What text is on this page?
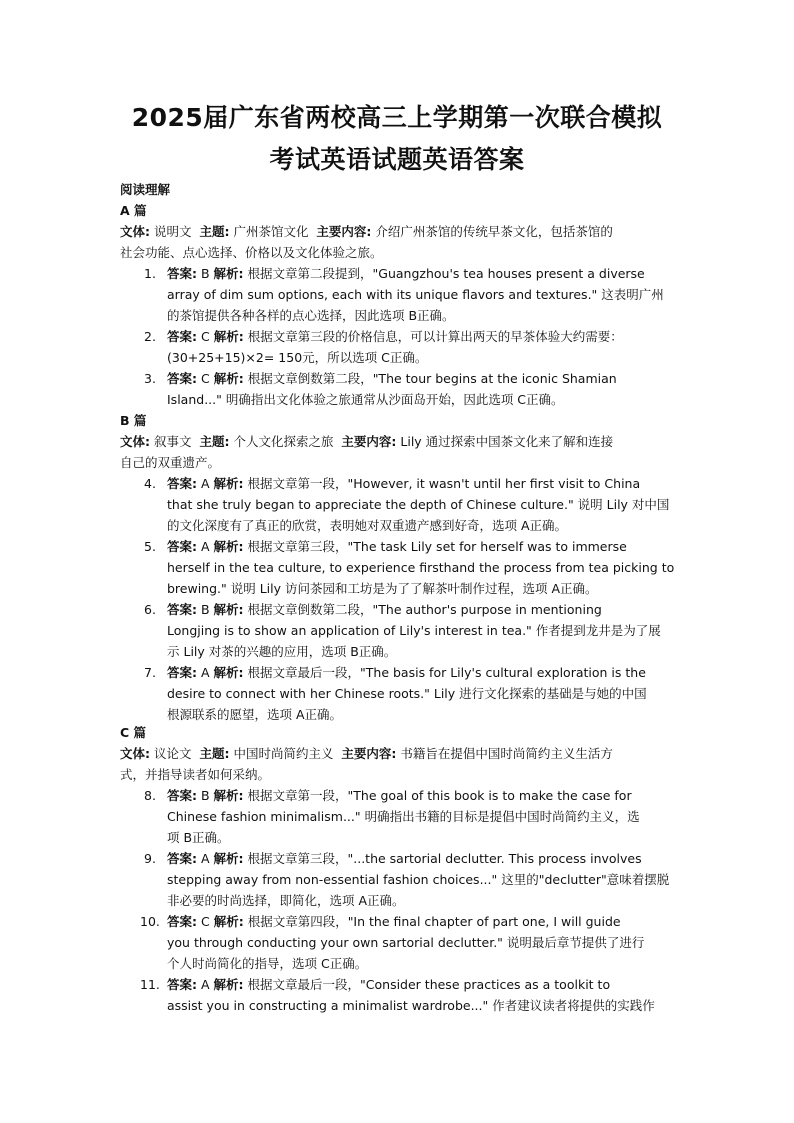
2025届广东省两校高三上学期第一次联合模拟
考试英语试题英语答案
阅读理解
A 篇
文体: 说明文 主题: 广州茶馆文化 主要内容: 介绍广州茶馆的传统早茶文化，包括茶馆的
社会功能、点心选择、价格以及文化体验之旅。
1. 答案: B 解析: 根据文章第二段提到，"Guangzhou's tea houses present a diverse
array of dim sum options, each with its unique flavors and textures." 这表明广州
的茶馆提供各种各样的点心选择，因此选项 B正确。
2. 答案: C 解析: 根据文章第三段的价格信息，可以计算出两天的早茶体验大约需要：
(30+25+15)×2= 150元，所以选项 C正确。
3. 答案: C 解析: 根据文章倒数第二段，"The tour begins at the iconic Shamian
Island..." 明确指出文化体验之旅通常从沙面岛开始，因此选项 C正确。
B 篇
文体: 叙事文 主题: 个人文化探索之旅 主要内容: Lily 通过探索中国茶文化来了解和连接
自己的双重遗产。
4. 答案: A 解析: 根据文章第一段，"However, it wasn't until her first visit to China
that she truly began to appreciate the depth of Chinese culture." 说明 Lily 对中国
的文化深度有了真正的欣赏，表明她对双重遗产感到好奇，选项 A正确。
5. 答案: A 解析: 根据文章第三段，"The task Lily set for herself was to immerse
herself in the tea culture, to experience firsthand the process from tea picking to
brewing." 说明 Lily 访问茶园和工坊是为了了解茶叶制作过程，选项 A正确。
6. 答案: B 解析: 根据文章倒数第二段，"The author's purpose in mentioning
Longjing is to show an application of Lily's interest in tea." 作者提到龙井是为了展
示 Lily 对茶的兴趣的应用，选项 B正确。
7. 答案: A 解析: 根据文章最后一段，"The basis for Lily's cultural exploration is the
desire to connect with her Chinese roots." Lily 进行文化探索的基础是与她的中国
根源联系的愿望，选项 A正确。
C 篇
文体: 议论文 主题: 中国时尚简约主义 主要内容: 书籍旨在提倡中国时尚简约主义生活方
式，并指导读者如何采纳。
8. 答案: B 解析: 根据文章第一段，"The goal of this book is to make the case for
Chinese fashion minimalism..." 明确指出书籍的目标是提倡中国时尚简约主义，选
项 B正确。
9. 答案: A 解析: 根据文章第三段，"...the sartorial declutter. This process involves
stepping away from non-essential fashion choices..." 这里的"declutter"意味着摆脱
非必要的时尚选择，即简化，选项 A正确。
10. 答案: C 解析: 根据文章第四段，"In the final chapter of part one, I will guide
you through conducting your own sartorial declutter." 说明最后章节提供了进行
个人时尚简化的指导，选项 C正确。
11. 答案: A 解析: 根据文章最后一段，"Consider these practices as a toolkit to
assist you in constructing a minimalist wardrobe..." 作者建议读者将提供的实践作
